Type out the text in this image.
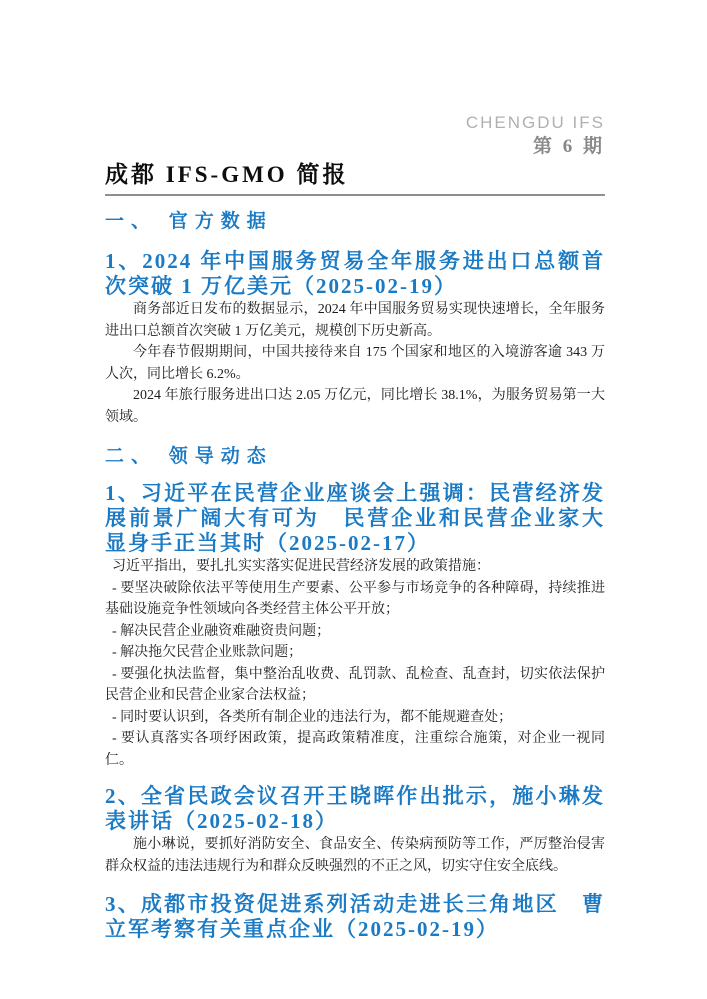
CHENGDU IFS
第 6 期
成都 IFS-GMO 简报
一、 官方数据
1、2024 年中国服务贸易全年服务进出口总额首次突破 1 万亿美元（2025-02-19）

商务部近日发布的数据显示，2024 年中国服务贸易实现快速增长，全年服务进出口总额首次突破 1 万亿美元，规模创下历史新高。

今年春节假期期间，中国共接待来自 175 个国家和地区的入境游客逾 343 万人次，同比增长 6.2%。

2024 年旅行服务进出口达 2.05 万亿元，同比增长 38.1%，为服务贸易第一大领域。

二、 领导动态
1、习近平在民营企业座谈会上强调：民营经济发展前景广阔大有可为　民营企业和民营企业家大显身手正当其时（2025-02-17）

习近平指出，要扎扎实实落实促进民营经济发展的政策措施：

- 要坚决破除依法平等使用生产要素、公平参与市场竞争的各种障碍，持续推进基础设施竞争性领域向各类经营主体公平开放；

- 解决民营企业融资难融资贵问题；

- 解决拖欠民营企业账款问题；

- 要强化执法监督，集中整治乱收费、乱罚款、乱检查、乱查封，切实依法保护民营企业和民营企业家合法权益；

- 同时要认识到，各类所有制企业的违法行为，都不能规避查处；

- 要认真落实各项纾困政策，提高政策精准度，注重综合施策，对企业一视同仁。

2、全省民政会议召开王晓晖作出批示，施小琳发表讲话（2025-02-18）

施小琳说，要抓好消防安全、食品安全、传染病预防等工作，严厉整治侵害群众权益的违法违规行为和群众反映强烈的不正之风，切实守住安全底线。

3、成都市投资促进系列活动走进长三角地区　曹立军考察有关重点企业（2025-02-19）
